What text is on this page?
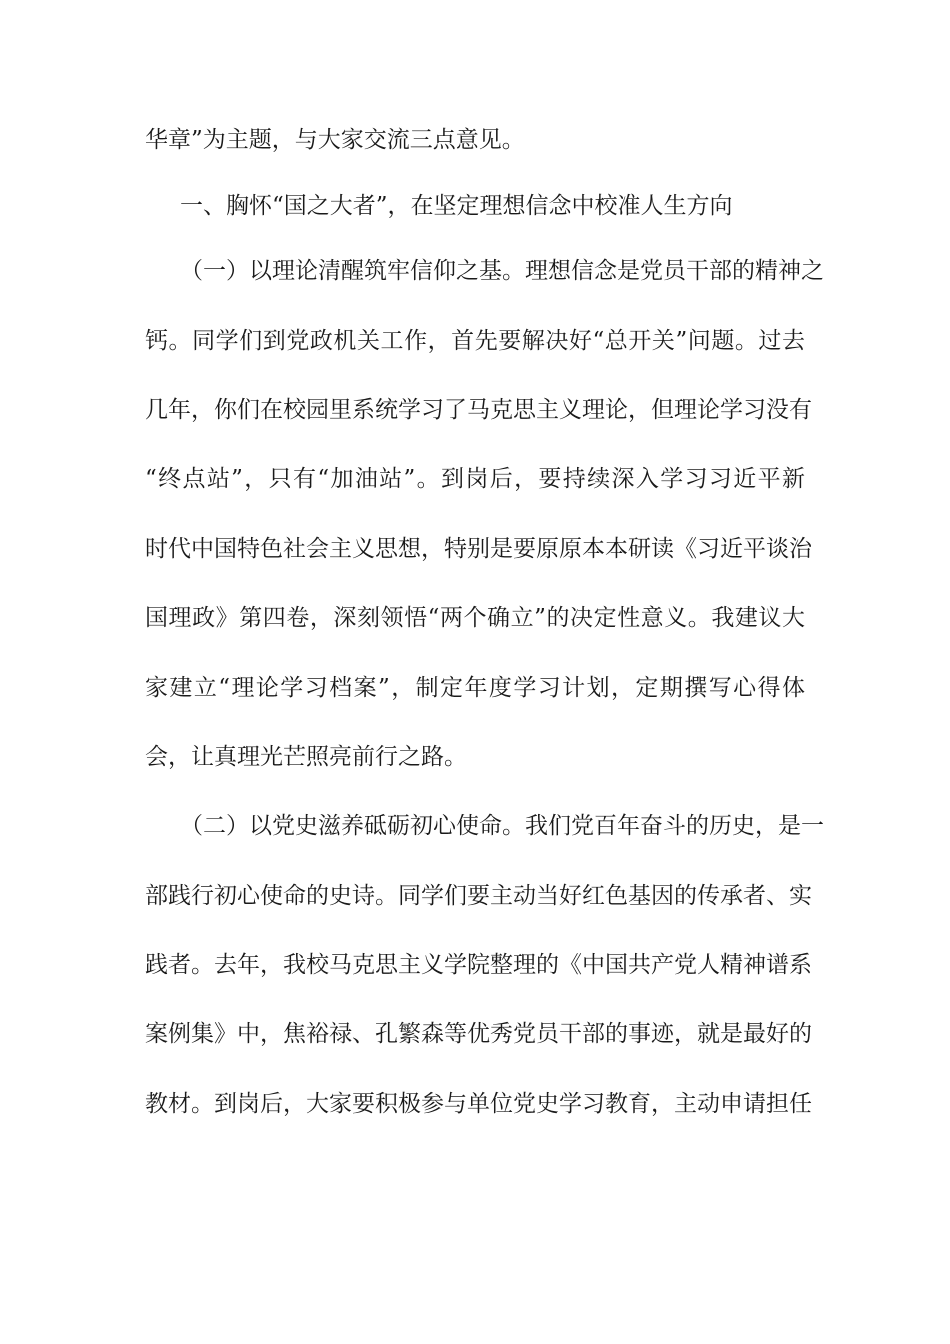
华章”为主题，与大家交流三点意见。
一、胸怀“国之大者”，在坚定理想信念中校准人生方向
（一）以理论清醒筑牢信仰之基。理想信念是党员干部的精神之
钙。同学们到党政机关工作，首先要解决好“总开关”问题。过去
几年，你们在校园里系统学习了马克思主义理论，但理论学习没有
“终点站”，只有“加油站”。到岗后，要持续深入学习习近平新
时代中国特色社会主义思想，特别是要原原本本研读《习近平谈治
国理政》第四卷，深刻领悟“两个确立”的决定性意义。我建议大
家建立“理论学习档案”，制定年度学习计划，定期撰写心得体
会，让真理光芒照亮前行之路。
（二）以党史滋养砥砺初心使命。我们党百年奋斗的历史，是一
部践行初心使命的史诗。同学们要主动当好红色基因的传承者、实
践者。去年，我校马克思主义学院整理的《中国共产党人精神谱系
案例集》中，焦裕禄、孔繁森等优秀党员干部的事迹，就是最好的
教材。到岗后，大家要积极参与单位党史学习教育，主动申请担任
